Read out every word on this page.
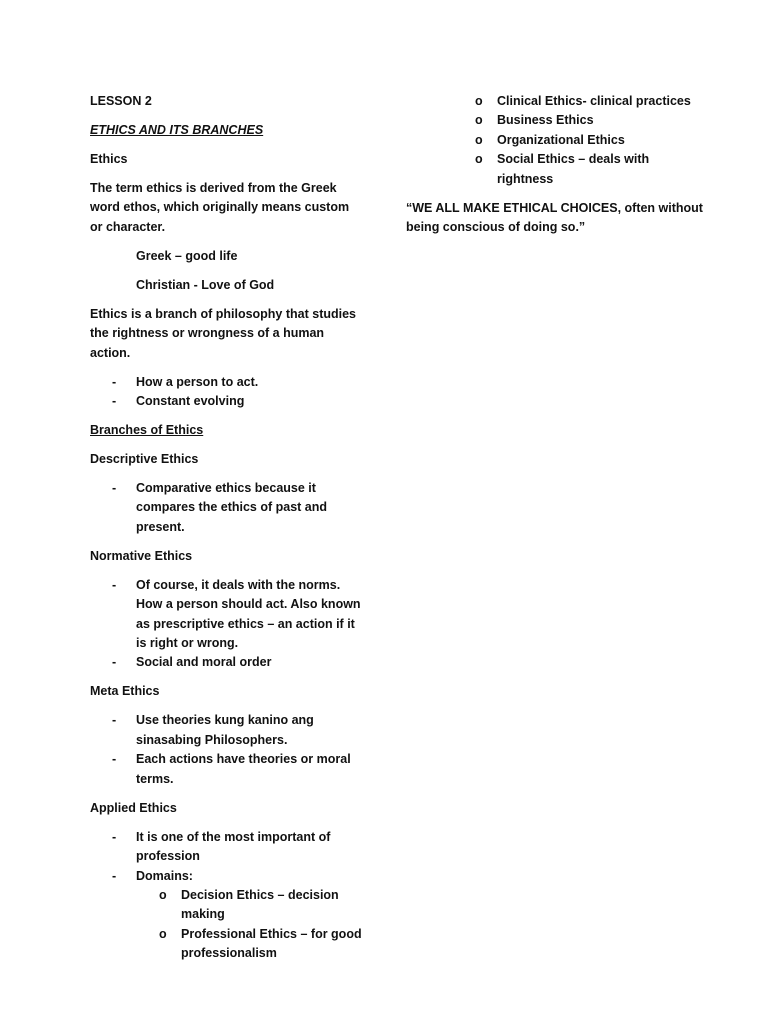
LESSON 2

ETHICS AND ITS BRANCHES

Ethics

The term ethics is derived from the Greek word ethos, which originally means custom or character.

Greek – good life

Christian - Love of God

Ethics is a branch of philosophy that studies the rightness or wrongness of a human action.

- How a person to act.
- Constant evolving

Branches of Ethics

Descriptive Ethics

- Comparative ethics because it compares the ethics of past and present.

Normative Ethics

- Of course, it deals with the norms. How a person should act. Also known as prescriptive ethics – an action if it is right or wrong.
- Social and moral order

Meta Ethics

- Use theories kung kanino ang sinasabing Philosophers.
- Each actions have theories or moral terms.

Applied Ethics

- It is one of the most important of profession
- Domains:
o Decision Ethics – decision making
o Professional Ethics – for good professionalism
o Clinical Ethics- clinical practices
o Business Ethics
o Organizational Ethics
o Social Ethics – deals with rightness

“WE ALL MAKE ETHICAL CHOICES, often without being conscious of doing so.”
